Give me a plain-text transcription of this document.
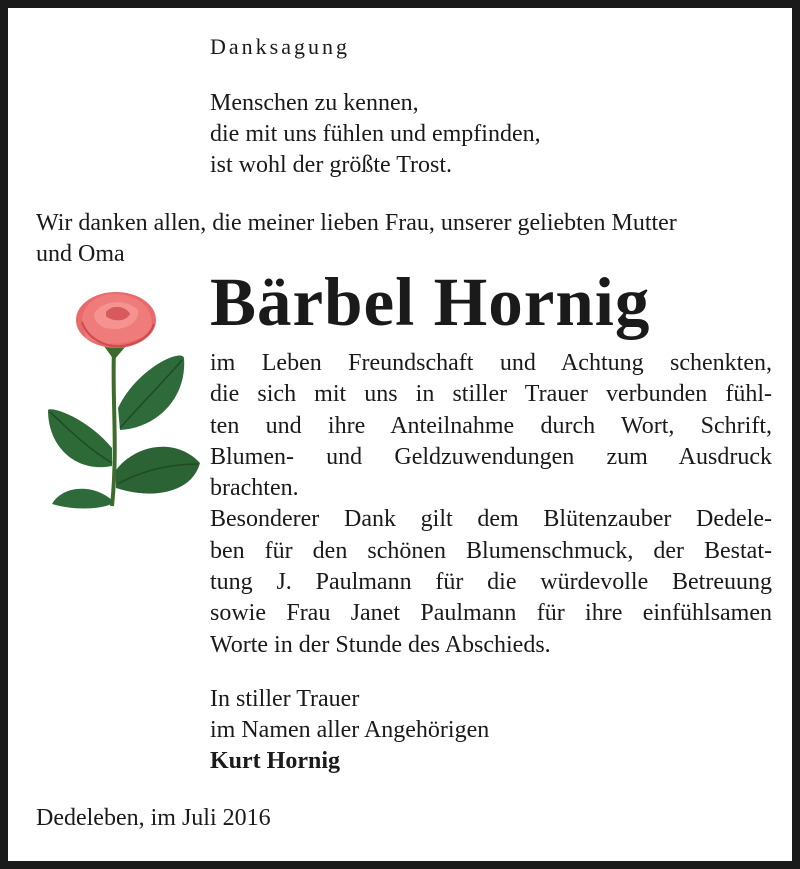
Danksagung

Menschen zu kennen,
die mit uns fühlen und empfinden,
ist wohl der größte Trost.

Wir danken allen, die meiner lieben Frau, unserer geliebten Mutter
und Oma

Bärbel Hornig

im Leben Freundschaft und Achtung schenkten,
die sich mit uns in stiller Trauer verbunden fühl-
ten und ihre Anteilnahme durch Wort, Schrift,
Blumen- und Geldzuwendungen zum Ausdruck
brachten.
Besonderer Dank gilt dem Blütenzauber Dedele-
ben für den schönen Blumenschmuck, der Bestat-
tung J. Paulmann für die würdevolle Betreuung
sowie Frau Janet Paulmann für ihre einfühlsamen
Worte in der Stunde des Abschieds.
In stiller Trauer
im Namen aller Angehörigen
Kurt Hornig

Dedeleben, im Juli 2016
